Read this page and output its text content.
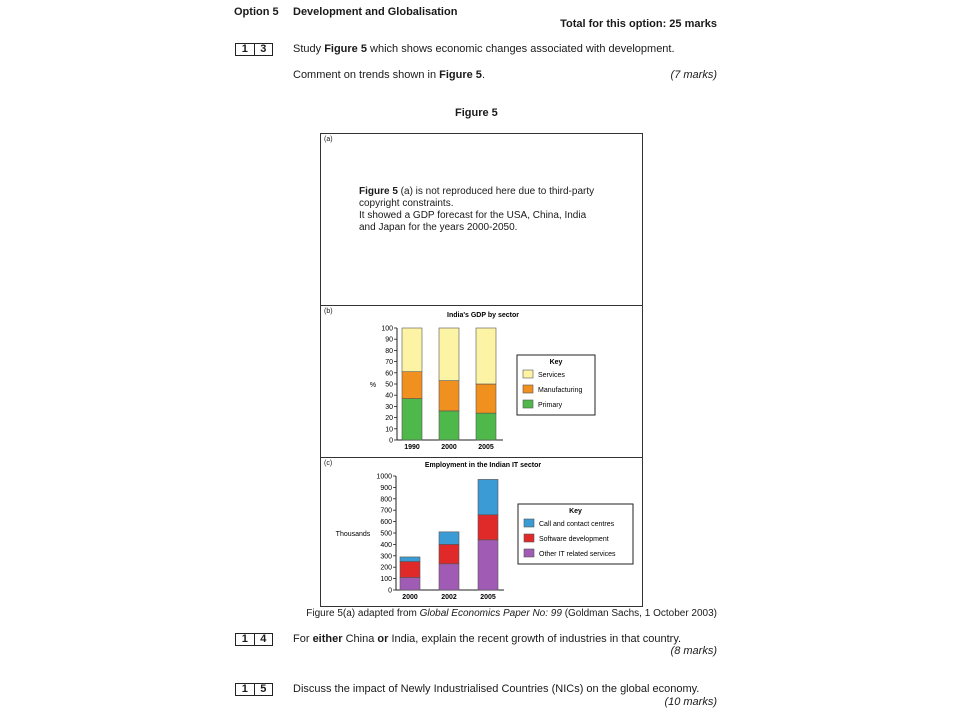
Option 5 Development and Globalisation
Total for this option: 25 marks
1	3	Study Figure 5 which shows economic changes associated with development.
Comment on trends shown in Figure 5.	(7 marks)
Figure 5
(a)
Figure 5 (a) is not reproduced here due to third-party
copyright constraints.
It showed a GDP forecast for the USA, China, India
and Japan for the years 2000-2050.
(b)
India's GDP by sector
%
0
10
20
30
40
50
60
70
80
90
100
1990	2000	2005
Key
Services
Manufacturing
Primary
(c)	Employment in the Indian IT sector
Thousands
0
100
200
300
400
500
600
700
800
900
1000
2000	2002	2005
Key
Call and contact centres
Software development
Other IT related services
Figure 5(a) adapted from Global Economics Paper No: 99 (Goldman Sachs, 1 October 2003)
1	4	For either China or India, explain the recent growth of industries in that country.
(8 marks)
1	5	Discuss the impact of Newly Industrialised Countries (NICs) on the global economy.
(10 marks)
